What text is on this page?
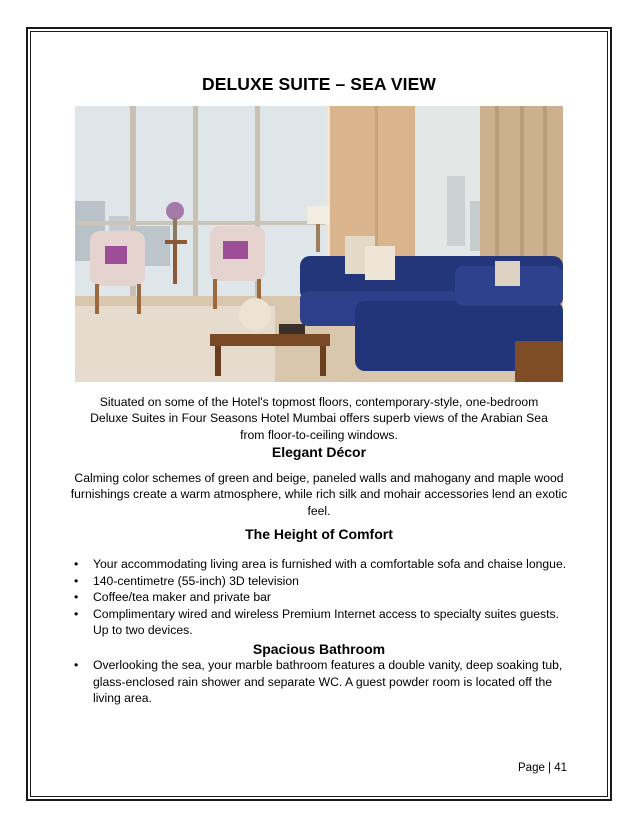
DELUXE SUITE – SEA VIEW

Situated on some of the Hotel's topmost floors, contemporary-style, one-bedroom Deluxe Suites in Four Seasons Hotel Mumbai offers superb views of the Arabian Sea from floor-to-ceiling windows.

Elegant Décor

Calming color schemes of green and beige, paneled walls and mahogany and maple wood furnishings create a warm atmosphere, while rich silk and mohair accessories lend an exotic feel.

The Height of Comfort
• Your accommodating living area is furnished with a comfortable sofa and chaise longue.
• 140-centimetre (55-inch) 3D television
• Coffee/tea maker and private bar
• Complimentary wired and wireless Premium Internet access to specialty suites guests. Up to two devices.
Spacious Bathroom
• Overlooking the sea, your marble bathroom features a double vanity, deep soaking tub, glass-enclosed rain shower and separate WC. A guest powder room is located off the living area.
Page | 41
